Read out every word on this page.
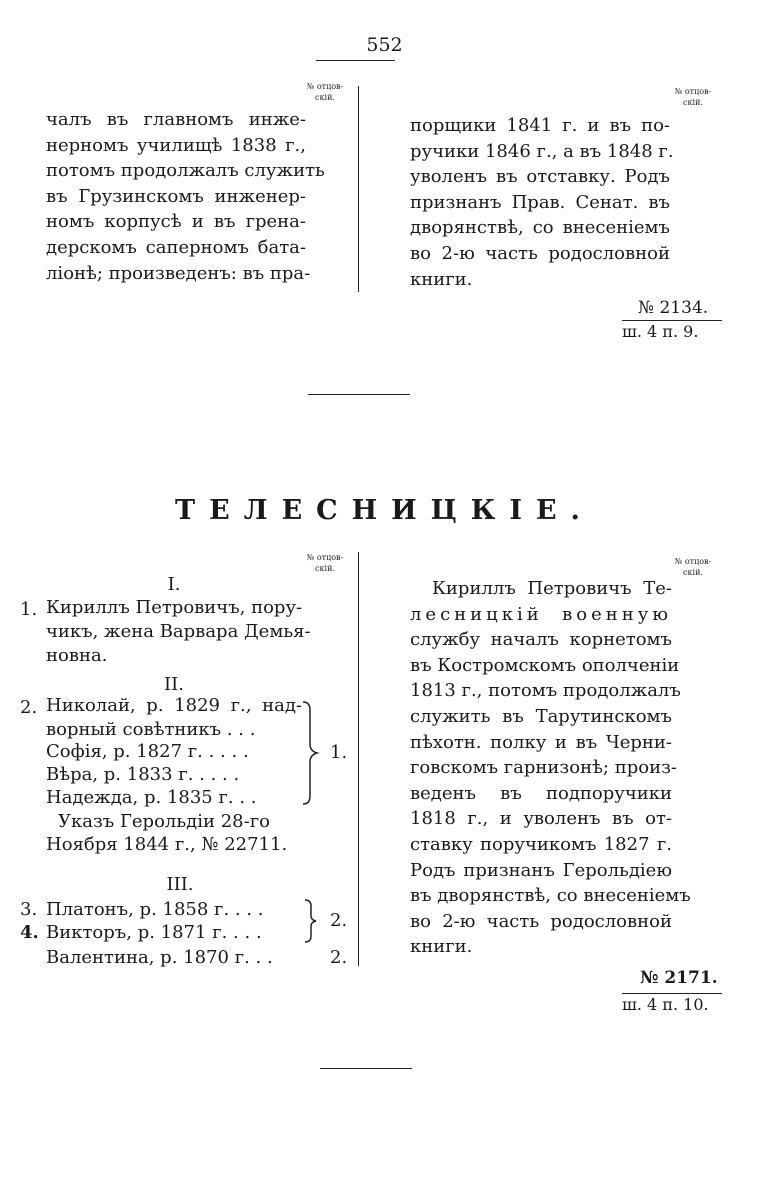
552
№ отцов-
скій.
№ отцов-
скій.
чалъ въ главномъ инже-
нерномъ училищѣ 1838 г.,
потомъ продолжалъ служить
въ Грузинскомъ инженер-
номъ корпусѣ и въ грена-
дерскомъ саперномъ бата-
ліонѣ; произведенъ: въ пра-
порщики 1841 г. и въ по-
ручики 1846 г., а въ 1848 г.
уволенъ въ отставку. Родъ
признанъ Прав. Сенат. въ
дворянствѣ, со внесеніемъ
во 2-ю часть родословной
книги.
№ 2134.
ш. 4 п. 9.
ТЕЛЕСНИЦКІЕ.
№ отцов-
скій.
№ отцов-
скій.
I.
1. Кириллъ Петровичъ, пору-
чикъ, жена Варвара Демья-
новна.
II.
2. Николай, р. 1829 г., над-
ворный совѣтникъ . . .
Софія, р. 1827 г. . . . .
Вѣра, р. 1833 г. . . . .
Надежда, р. 1835 г. . .
1.
Указъ Герольдіи 28-го
Ноября 1844 г., № 22711.
III.
3. Платонъ, р. 1858 г. . . .
4. Викторъ, р. 1871 г. . . .
2.
Валентина, р. 1870 г. . .	2.
Кириллъ Петровичъ Те-
лесницкій военную
службу началъ корнетомъ
въ Костромскомъ ополченіи
1813 г., потомъ продолжалъ
служить въ Тарутинскомъ
пѣхотн. полку и въ Черни-
говскомъ гарнизонѣ; произ-
веденъ въ подпоручики
1818 г., и уволенъ въ от-
ставку поручикомъ 1827 г.
Родъ признанъ Герольдіею
въ дворянствѣ, со внесеніемъ
во 2-ю часть родословной
книги.
№ 2171.
ш. 4 п. 10.
